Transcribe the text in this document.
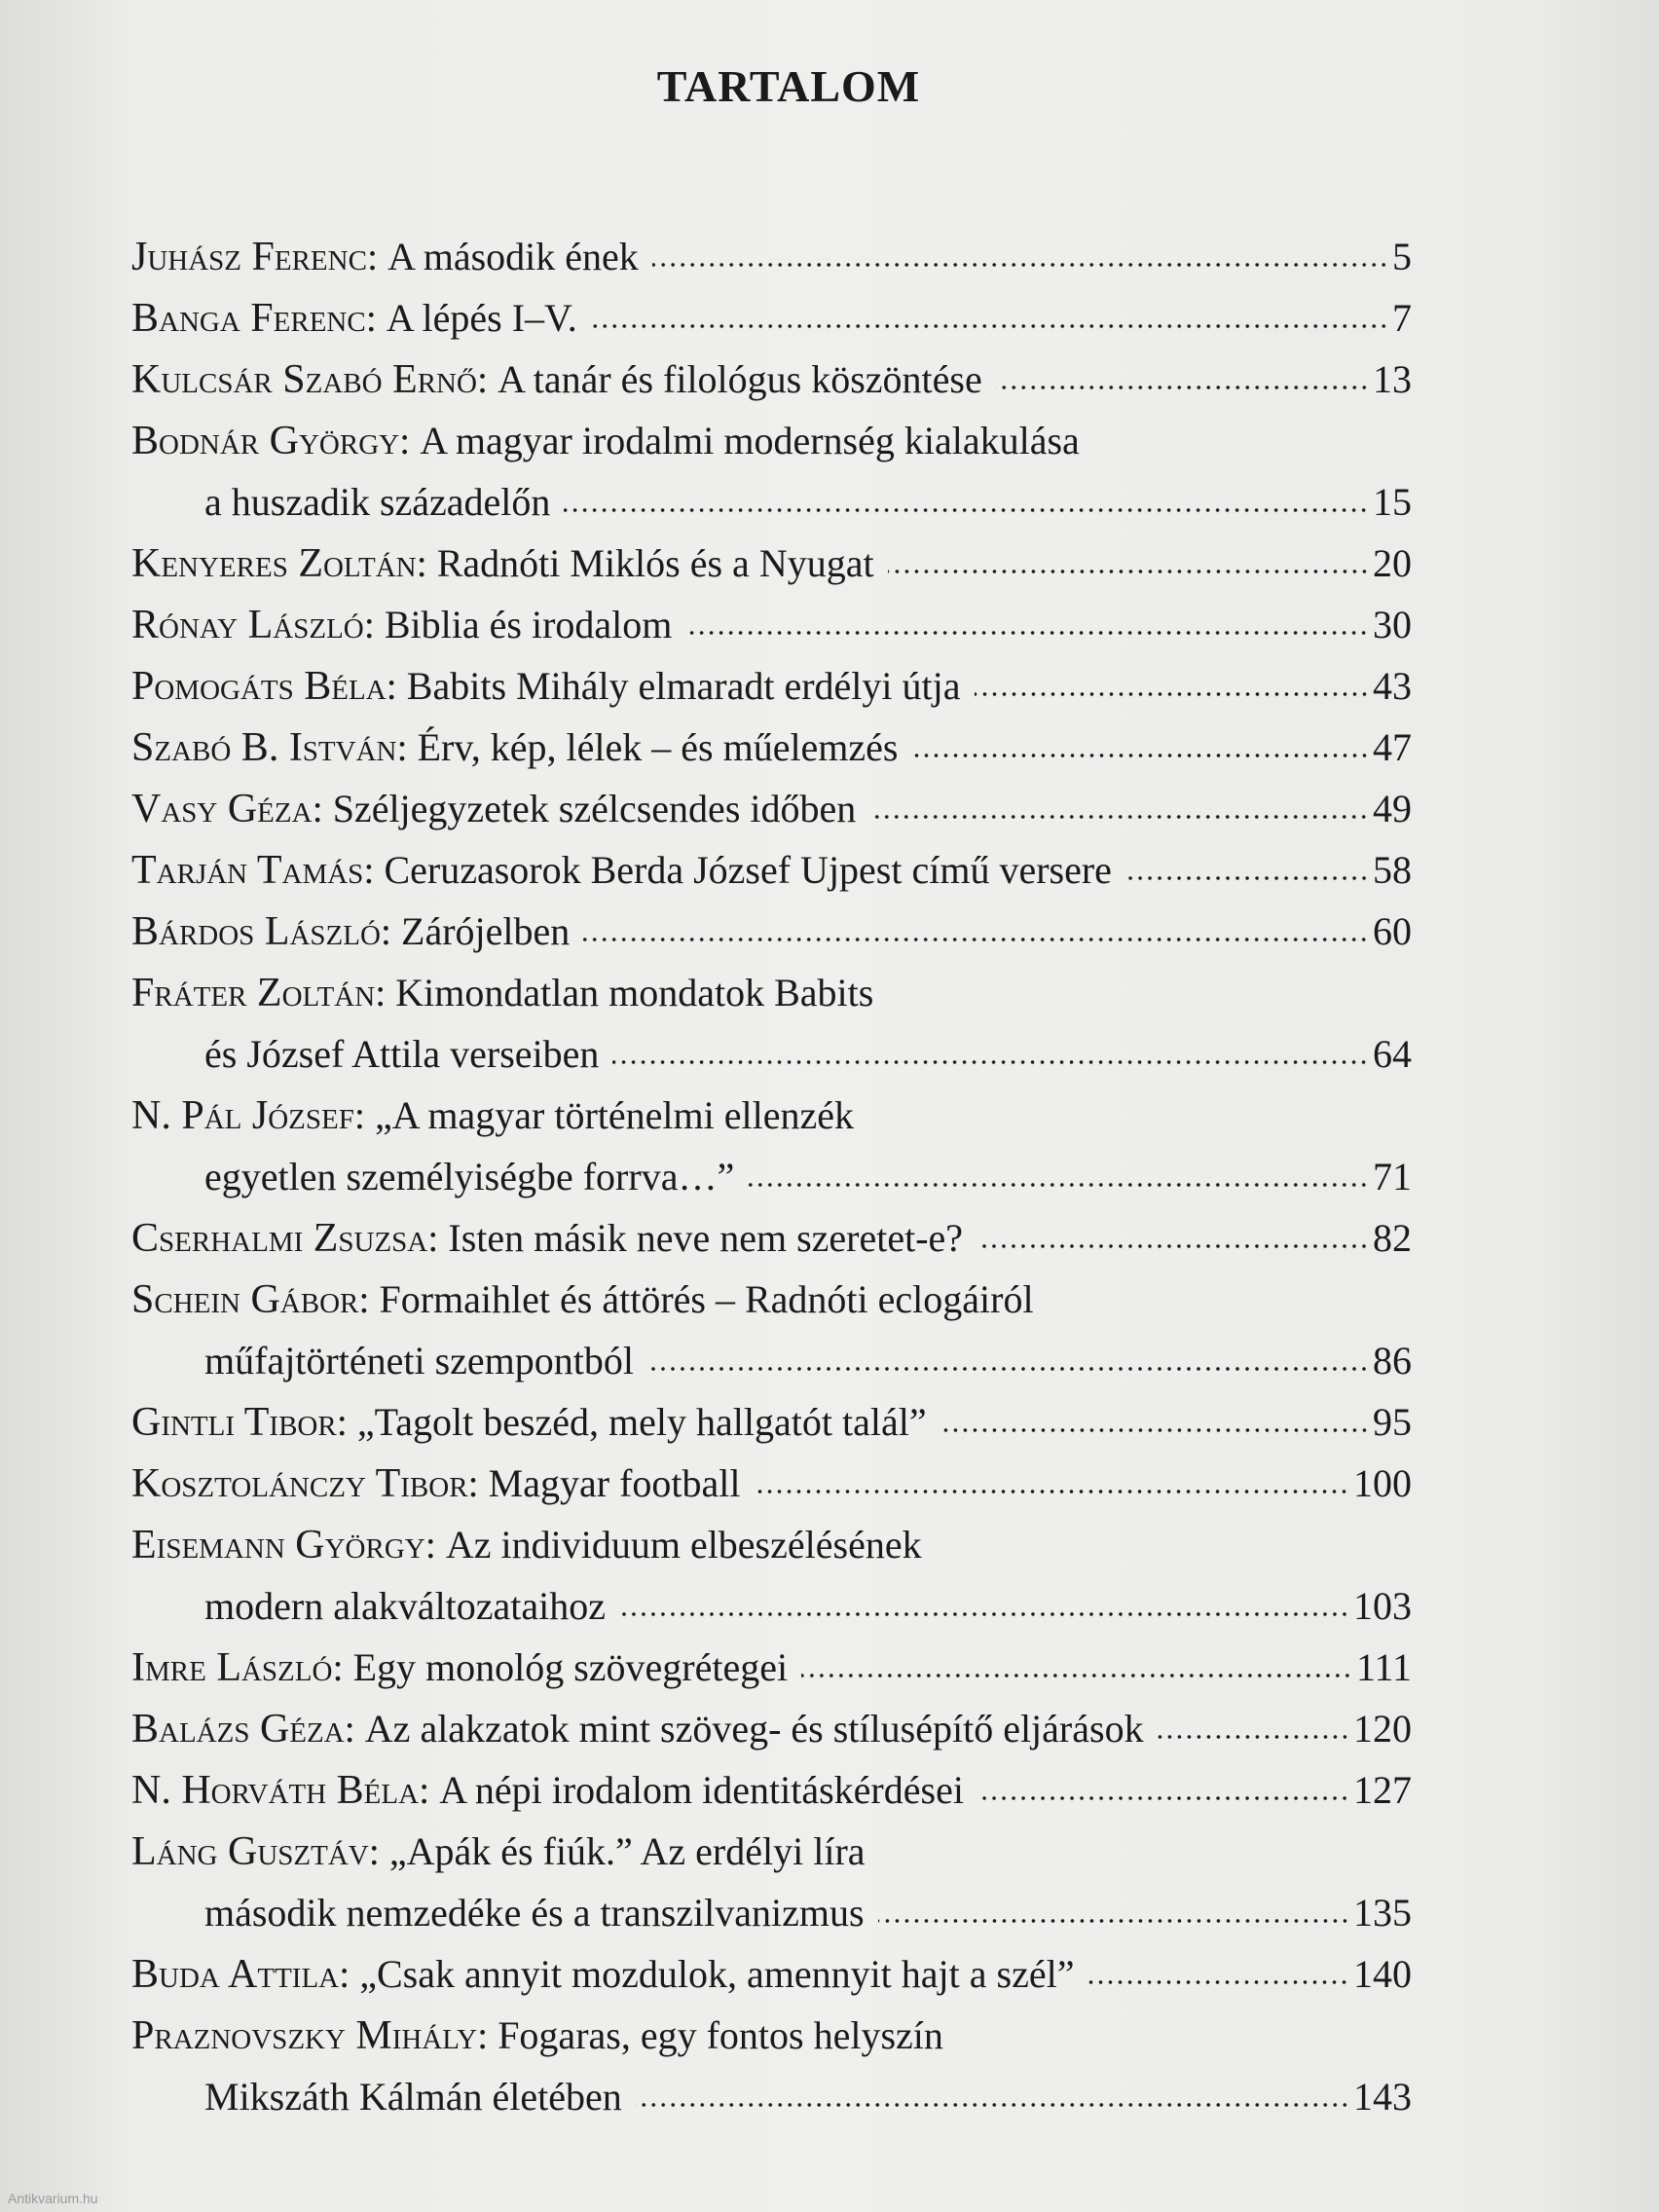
TARTALOM
Juhász Ferenc : A második ének	5
Banga Ferenc : A lépés I–V.	7
Kulcsár Szabó Ernő : A tanár és filológus köszöntése	13
Bodnár György : A magyar irodalmi modernség kialakulása
a huszadik századelőn	15
Kenyeres Zoltán : Radnóti Miklós és a Nyugat	20
Rónay László : Biblia és irodalom	30
Pomogáts Béla : Babits Mihály elmaradt erdélyi útja	43
Szabó B. István : Érv, kép, lélek – és műelemzés	47
Vasy Géza : Széljegyzetek szélcsendes időben	49
Tarján Tamás : Ceruzasorok Berda József Ujpest című versere	58
Bárdos László : Zárójelben	60
Fráter Zoltán : Kimondatlan mondatok Babits
és József Attila verseiben	64
N. Pál József : „A magyar történelmi ellenzék
egyetlen személyiségbe forrva…”	71
Cserhalmi Zsuzsa : Isten másik neve nem szeretet-e?	82
Schein Gábor : Formaihlet és áttörés – Radnóti eclogáiról
műfajtörténeti szempontból	86
Gintli Tibor : „Tagolt beszéd, mely hallgatót talál”	95
Kosztolánczy Tibor : Magyar football	100
Eisemann György : Az individuum elbeszélésének
modern alakváltozataihoz	103
Imre László : Egy monológ szövegrétegei	111
Balázs Géza : Az alakzatok mint szöveg- és stílusépítő eljárások	120
N. Horváth Béla : A népi irodalom identitáskérdései	127
Láng Gusztáv : „Apák és fiúk.” Az erdélyi líra
második nemzedéke és a transzilvanizmus	135
Buda Attila : „Csak annyit mozdulok, amennyit hajt a szél”	140
Praznovszky Mihály : Fogaras, egy fontos helyszín
Mikszáth Kálmán életében	143
Antikvarium.hu
